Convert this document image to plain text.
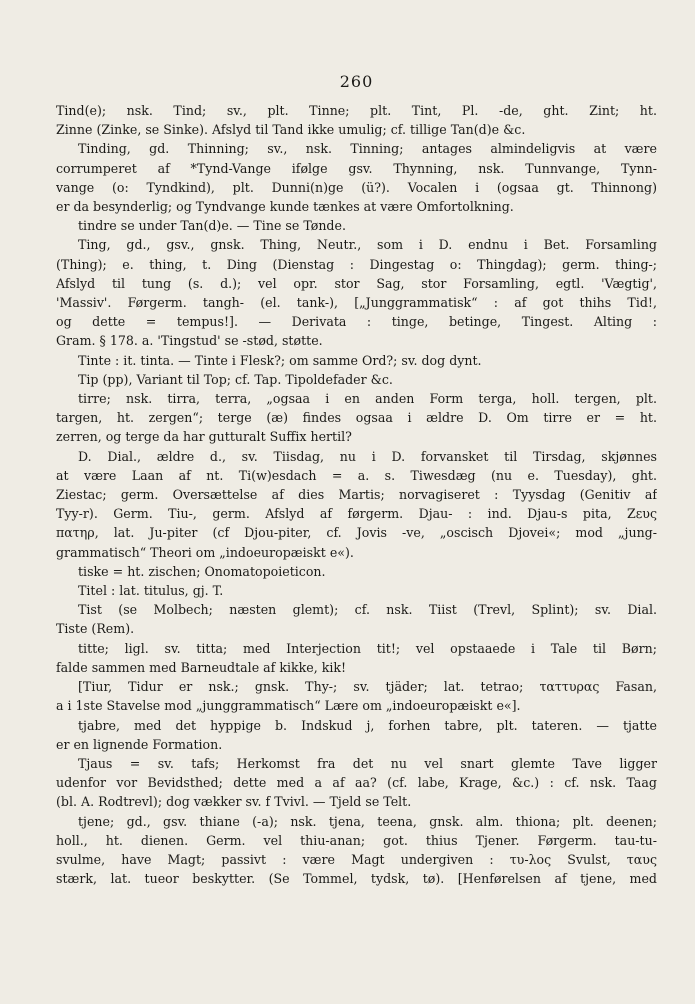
260
Tind(e); nsk. Tind; sv., plt. Tinne; plt. Tint, Pl. -de, ght. Zint; ht.
Zinne (Zinke, se Sinke). Afslyd til Tand ikke umulig; cf. tillige Tan(d)e &c.
Tinding, gd. Thinning; sv., nsk. Tinning; antages almindeligvis at være
corrumperet af *Tynd-Vange ifølge gsv. Thynning, nsk. Tunnvange, Tynn-
vange (o: Tyndkind), plt. Dunni(n)ge (ü?). Vocalen i (ogsaa gt. Thinnong)
er da besynderlig; og Tyndvange kunde tænkes at være Omfortolkning.
tindre se under Tan(d)e. — Tine se Tønde.
Ting, gd., gsv., gnsk. Thing, Neutr., som i D. endnu i Bet. Forsamling
(Thing); e. thing, t. Ding (Dienstag : Dingestag o: Thingdag); germ. thing-;
Afslyd til tung (s. d.); vel opr. stor Sag, stor Forsamling, egtl. 'Vægtig',
'Massiv'. Førgerm. tangh- (el. tank-), [„Junggrammatisk“ : af got thihs Tid!,
og dette = tempus!]. — Derivata : tinge, betinge, Tingest. Alting :
Gram. § 178. a. 'Tingstud' se -stød, støtte.
Tinte : it. tinta. — Tinte i Flesk?; om samme Ord?; sv. dog dynt.
Tip (pp), Variant til Top; cf. Tap. Tipoldefader &c.
tirre; nsk. tirra, terra, „ogsaa i en anden Form terga, holl. tergen, plt.
targen, ht. zergen“; terge (æ) findes ogsaa i ældre D. Om tirre er = ht.
zerren, og terge da har gutturalt Suffix hertil?
D. Dial., ældre d., sv. Tiisdag, nu i D. forvansket til Tirsdag, skjønnes
at være Laan af nt. Ti(w)esdach = a. s. Tiwesdæg (nu e. Tuesday), ght.
Ziestac; germ. Oversættelse af dies Martis; norvagiseret : Tyysdag (Genitiv af
Tyy-r). Germ. Tiu-, germ. Afslyd af førgerm. Djau- : ind. Djau-s pita, Ζευς
πατηρ, lat. Ju-piter (cf Djou-piter, cf. Jovis -ve, „oscisch Djovei«; mod „jung-
grammatisch“ Theori om „indoeuropæiskt e«).
tiske = ht. zischen; Onomatopoieticon.
Titel : lat. titulus, gj. T.
Tist (se Molbech; næsten glemt); cf. nsk. Tiist (Trevl, Splint); sv. Dial.
Tiste (Rem).
titte; ligl. sv. titta; med Interjection tit!; vel opstaaede i Tale til Børn;
falde sammen med Barneudtale af kikke, kik!
[Tiur, Tidur er nsk.; gnsk. Thy-; sv. tjäder; lat. tetrao; ταττυρας Fasan,
a i 1ste Stavelse mod „junggrammatisch“ Lære om „indoeuropæiskt e«].
tjabre, med det hyppige b. Indskud j, forhen tabre, plt. tateren. — tjatte
er en lignende Formation.
Tjaus = sv. tafs; Herkomst fra det nu vel snart glemte Tave ligger
udenfor vor Bevidsthed; dette med a af aa? (cf. labe, Krage, &c.) : cf. nsk. Taag
(bl. A. Rodtrevl); dog vækker sv. f Tvivl. — Tjeld se Telt.
tjene; gd., gsv. thiane (-a); nsk. tjena, teena, gnsk. alm. thiona; plt. deenen;
holl., ht. dienen. Germ. vel thiu-anan; got. thius Tjener. Førgerm. tau-tu-
svulme, have Magt; passivt : være Magt undergiven : τυ-λος Svulst, ταυς
stærk, lat. tueor beskytter. (Se Tommel, tydsk, tø). [Henførelsen af tjene, med
